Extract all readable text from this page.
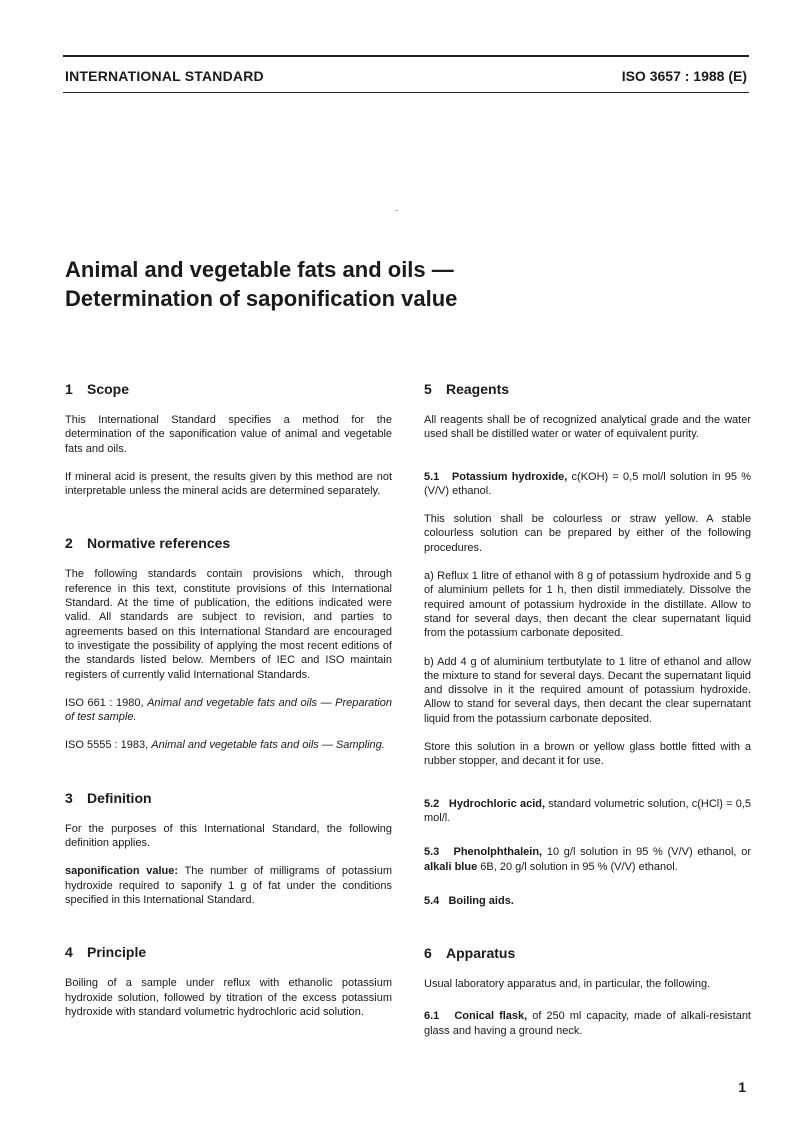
INTERNATIONAL STANDARD	ISO 3657 : 1988 (E)
Animal and vegetable fats and oils —
Determination of saponification value
1 Scope

This International Standard specifies a method for the determination of the saponification value of animal and vegetable fats and oils.

If mineral acid is present, the results given by this method are not interpretable unless the mineral acids are determined separately.

2 Normative references

The following standards contain provisions which, through reference in this text, constitute provisions of this International Standard. At the time of publication, the editions indicated were valid. All standards are subject to revision, and parties to agreements based on this International Standard are encouraged to investigate the possibility of applying the most recent editions of the standards listed below. Members of IEC and ISO maintain registers of currently valid International Standards.

ISO 661 : 1980, Animal and vegetable fats and oils — Preparation of test sample.

ISO 5555 : 1983, Animal and vegetable fats and oils — Sampling.

3 Definition

For the purposes of this International Standard, the following definition applies.

saponification value: The number of milligrams of potassium hydroxide required to saponify 1 g of fat under the conditions specified in this International Standard.

4 Principle

Boiling of a sample under reflux with ethanolic potassium hydroxide solution, followed by titration of the excess potassium hydroxide with standard volumetric hydrochloric acid solution.

5 Reagents

All reagents shall be of recognized analytical grade and the water used shall be distilled water or water of equivalent purity.

5.1 Potassium hydroxide, c(KOH) = 0,5 mol/l solution in 95 % (V/V) ethanol.

This solution shall be colourless or straw yellow. A stable colourless solution can be prepared by either of the following procedures.

a) Reflux 1 litre of ethanol with 8 g of potassium hydroxide and 5 g of aluminium pellets for 1 h, then distil immediately. Dissolve the required amount of potassium hydroxide in the distillate. Allow to stand for several days, then decant the clear supernatant liquid from the potassium carbonate deposited.

b) Add 4 g of aluminium tertbutylate to 1 litre of ethanol and allow the mixture to stand for several days. Decant the supernatant liquid and dissolve in it the required amount of potassium hydroxide. Allow to stand for several days, then decant the clear supernatant liquid from the potassium carbonate deposited.

Store this solution in a brown or yellow glass bottle fitted with a rubber stopper, and decant it for use.

5.2 Hydrochloric acid, standard volumetric solution, c(HCl) = 0,5 mol/l.

5.3 Phenolphthalein, 10 g/l solution in 95 % (V/V) ethanol, or alkali blue 6B, 20 g/l solution in 95 % (V/V) ethanol.

5.4 Boiling aids.

6 Apparatus

Usual laboratory apparatus and, in particular, the following.

6.1 Conical flask, of 250 ml capacity, made of alkali-resistant glass and having a ground neck.

1
